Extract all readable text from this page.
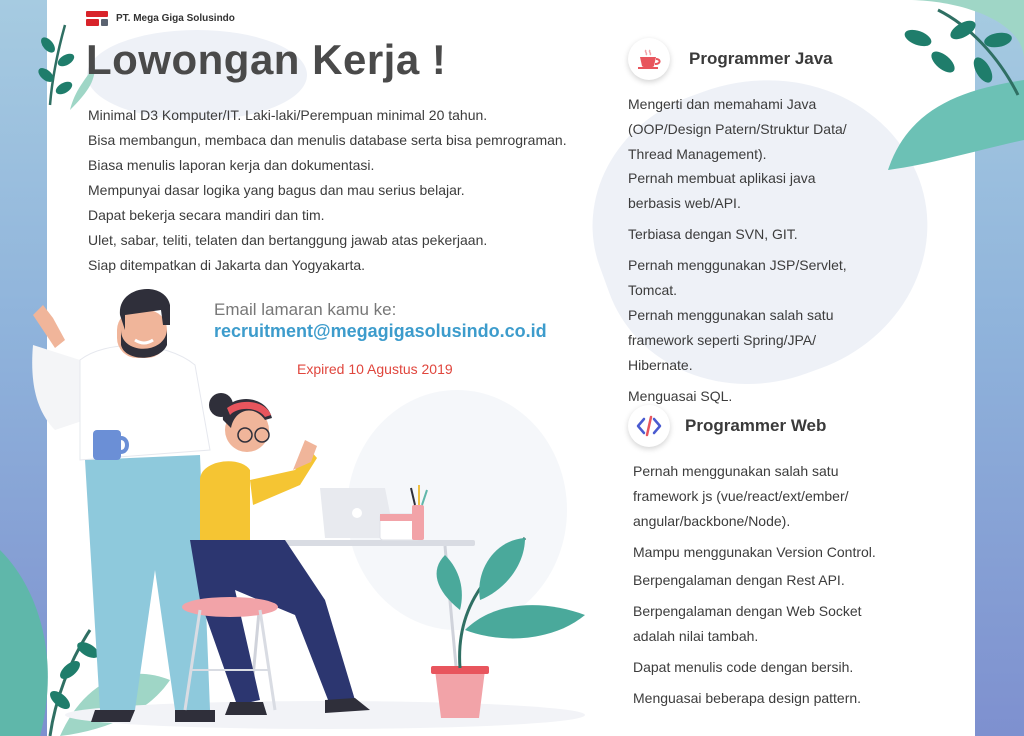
PT. Mega Giga Solusindo
Lowongan Kerja !
Minimal D3 Komputer/IT. Laki-laki/Perempuan minimal 20 tahun.
Bisa membangun, membaca dan menulis database serta bisa pemrograman.
Biasa menulis laporan kerja dan dokumentasi.
Mempunyai dasar logika yang bagus dan mau serius belajar.
Dapat bekerja secara mandiri dan tim.
Ulet, sabar, teliti, telaten dan bertanggung jawab atas pekerjaan.
Siap ditempatkan di Jakarta dan Yogyakarta.
Email lamaran kamu ke:
recruitment@megagigasolusindo.co.id
Expired 10 Agustus 2019
Programmer Java
Mengerti dan memahami Java (OOP/Design Patern/Struktur Data/ Thread Management).
Pernah membuat aplikasi java berbasis web/API.
Terbiasa dengan SVN, GIT.
Pernah menggunakan JSP/Servlet, Tomcat.
Pernah menggunakan salah satu framework seperti Spring/JPA/ Hibernate.
Menguasai SQL.
Programmer Web
Pernah menggunakan salah satu framework js (vue/react/ext/ember/ angular/backbone/Node).
Mampu menggunakan Version Control.
Berpengalaman dengan Rest API.
Berpengalaman dengan Web Socket adalah nilai tambah.
Dapat menulis code dengan bersih.
Menguasai beberapa design pattern.
